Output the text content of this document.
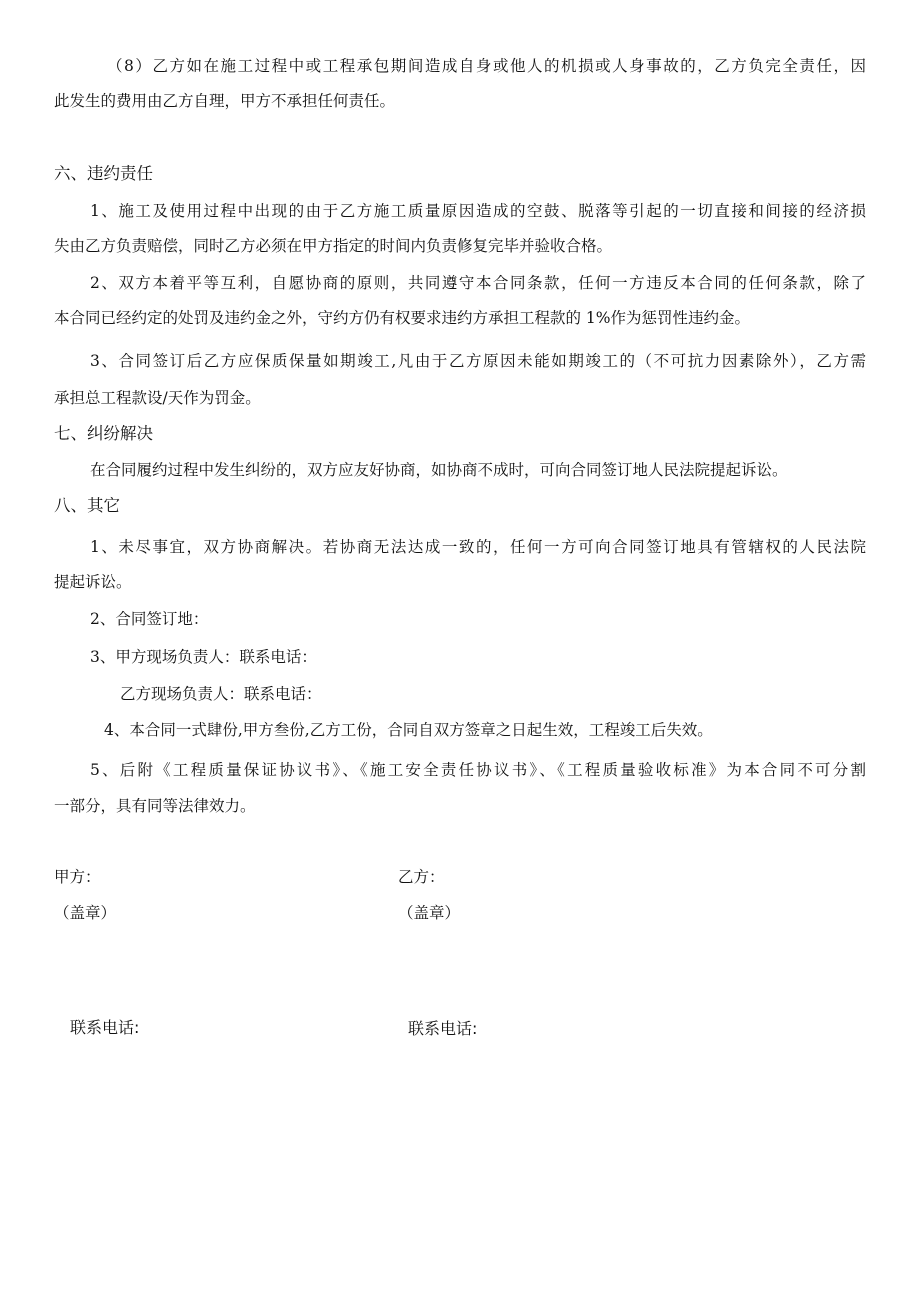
（8）乙方如在施工过程中或工程承包期间造成自身或他人的机损或人身事故的，乙方负完全责任，因
此发生的费用由乙方自理，甲方不承担任何责任。
六、违约责任
1、施工及使用过程中出现的由于乙方施工质量原因造成的空鼓、脱落等引起的一切直接和间接的经济损
失由乙方负责赔偿，同时乙方必须在甲方指定的时间内负责修复完毕并验收合格。
2、双方本着平等互利，自愿协商的原则，共同遵守本合同条款，任何一方违反本合同的任何条款，除了
本合同已经约定的处罚及违约金之外，守约方仍有权要求违约方承担工程款的 1%作为惩罚性违约金。
3、合同签订后乙方应保质保量如期竣工,凡由于乙方原因未能如期竣工的（不可抗力因素除外），乙方需
承担总工程款设/天作为罚金。
七、纠纷解决
在合同履约过程中发生纠纷的，双方应友好协商，如协商不成时，可向合同签订地人民法院提起诉讼。
八、其它
1、未尽事宜，双方协商解决。若协商无法达成一致的，任何一方可向合同签订地具有管辖权的人民法院
提起诉讼。
2、合同签订地：
3、甲方现场负责人：联系电话：
乙方现场负责人：联系电话：
4、本合同一式肆份,甲方叁份,乙方工份，合同自双方签章之日起生效，工程竣工后失效。
5、后附《工程质量保证协议书》、《施工安全责任协议书》、《工程质量验收标准》为本合同不可分割
一部分，具有同等法律效力。
甲方：
（盖章）
乙方：
（盖章）
联系电话:	联系电话:
